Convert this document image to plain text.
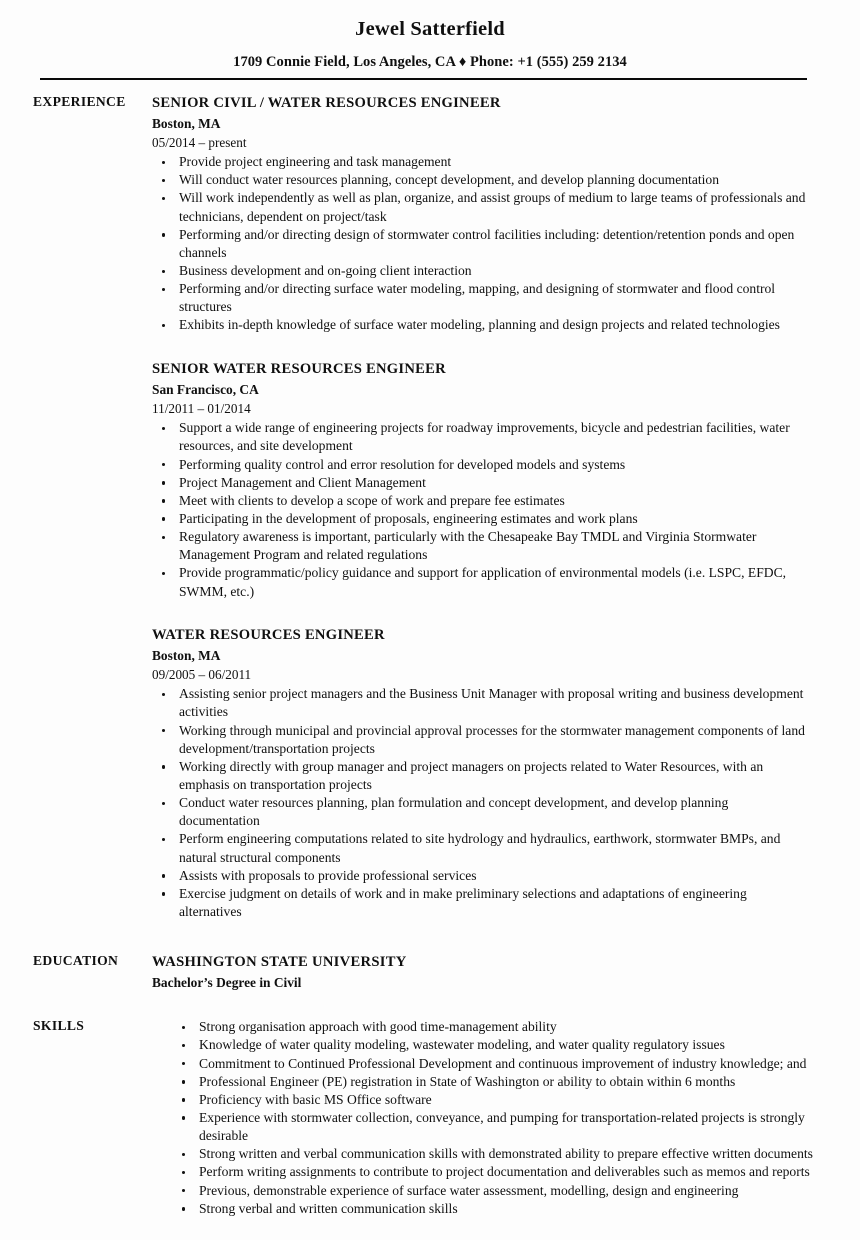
Jewel Satterfield
1709 Connie Field, Los Angeles, CA ♦ Phone: +1 (555) 259 2134
EXPERIENCE	SENIOR CIVIL / WATER RESOURCES ENGINEER
Boston, MA
05/2014 – present
Provide project engineering and task management
Will conduct water resources planning, concept development, and develop planning documentation
Will work independently as well as plan, organize, and assist groups of medium to large teams of professionals and technicians, dependent on project/task
Performing and/or directing design of stormwater control facilities including: detention/retention ponds and open channels
Business development and on-going client interaction
Performing and/or directing surface water modeling, mapping, and designing of stormwater and flood control structures
Exhibits in-depth knowledge of surface water modeling, planning and design projects and related technologies
SENIOR WATER RESOURCES ENGINEER
San Francisco, CA
11/2011 – 01/2014
Support a wide range of engineering projects for roadway improvements, bicycle and pedestrian facilities, water resources, and site development
Performing quality control and error resolution for developed models and systems
Project Management and Client Management
Meet with clients to develop a scope of work and prepare fee estimates
Participating in the development of proposals, engineering estimates and work plans
Regulatory awareness is important, particularly with the Chesapeake Bay TMDL and Virginia Stormwater Management Program and related regulations
Provide programmatic/policy guidance and support for application of environmental models (i.e. LSPC, EFDC, SWMM, etc.)
WATER RESOURCES ENGINEER
Boston, MA
09/2005 – 06/2011
Assisting senior project managers and the Business Unit Manager with proposal writing and business development activities
Working through municipal and provincial approval processes for the stormwater management components of land development/transportation projects
Working directly with group manager and project managers on projects related to Water Resources, with an emphasis on transportation projects
Conduct water resources planning, plan formulation and concept development, and develop planning documentation
Perform engineering computations related to site hydrology and hydraulics, earthwork, stormwater BMPs, and natural structural components
Assists with proposals to provide professional services
Exercise judgment on details of work and in make preliminary selections and adaptations of engineering alternatives
EDUCATION	WASHINGTON STATE UNIVERSITY
Bachelor’s Degree in Civil
SKILLS	Strong organisation approach with good time-management ability
Knowledge of water quality modeling, wastewater modeling, and water quality regulatory issues
Commitment to Continued Professional Development and continuous improvement of industry knowledge; and
Professional Engineer (PE) registration in State of Washington or ability to obtain within 6 months
Proficiency with basic MS Office software
Experience with stormwater collection, conveyance, and pumping for transportation-related projects is strongly desirable
Strong written and verbal communication skills with demonstrated ability to prepare effective written documents
Perform writing assignments to contribute to project documentation and deliverables such as memos and reports
Previous, demonstrable experience of surface water assessment, modelling, design and engineering
Strong verbal and written communication skills
